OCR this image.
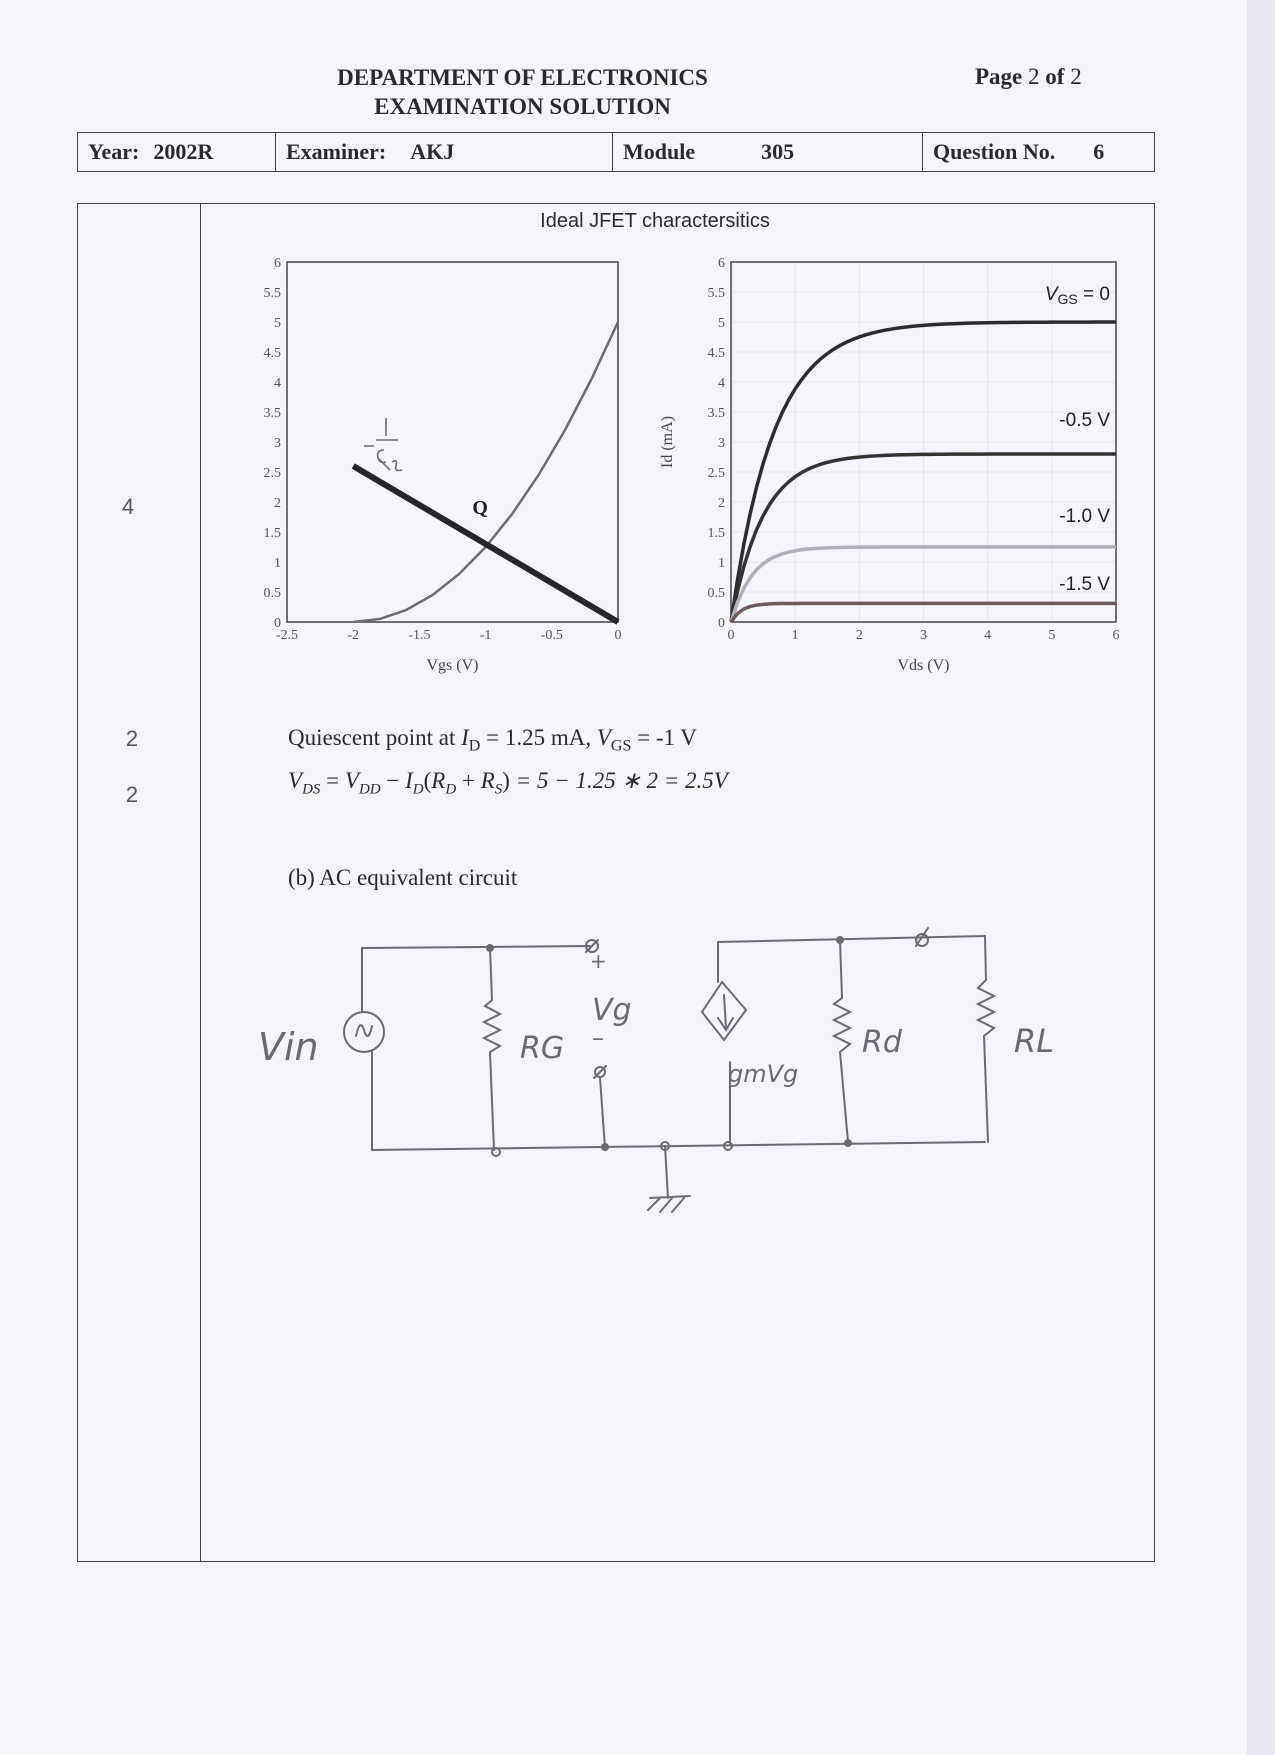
DEPARTMENT OF ELECTRONICS
EXAMINATION SOLUTION
Page 2 of 2
Year: 2002R	Examiner: AKJ	Module	305	Question No. 6
4
2
2
Ideal JFET charactersitics
0
0.5
1
1.5
2
2.5
3
3.5
4
4.5
5
5.5
6
-2.5	-2	-1.5	-1	-0.5	0
Vgs (V)
Q
0
0.5
1
1.5
2
2.5
3
3.5
4
4.5
5
5.5
6
0	1	2	3	4	5	6
Vds (V)
Id (mA)
$V_{GS} = 0$
-0.5 V
-1.0 V
-1.5 V
Quiescent point at $I_D = 1.25$ mA, $V_{GS} = -1$ V
$V_{DS} = V_{DD} - I_D(R_D + R_S) = 5 - 1.25$ ∗ 2 = 2.5V
(b) AC equivalent circuit
Vin	RG
Vg
+
–
gmVg
Rd	RL
